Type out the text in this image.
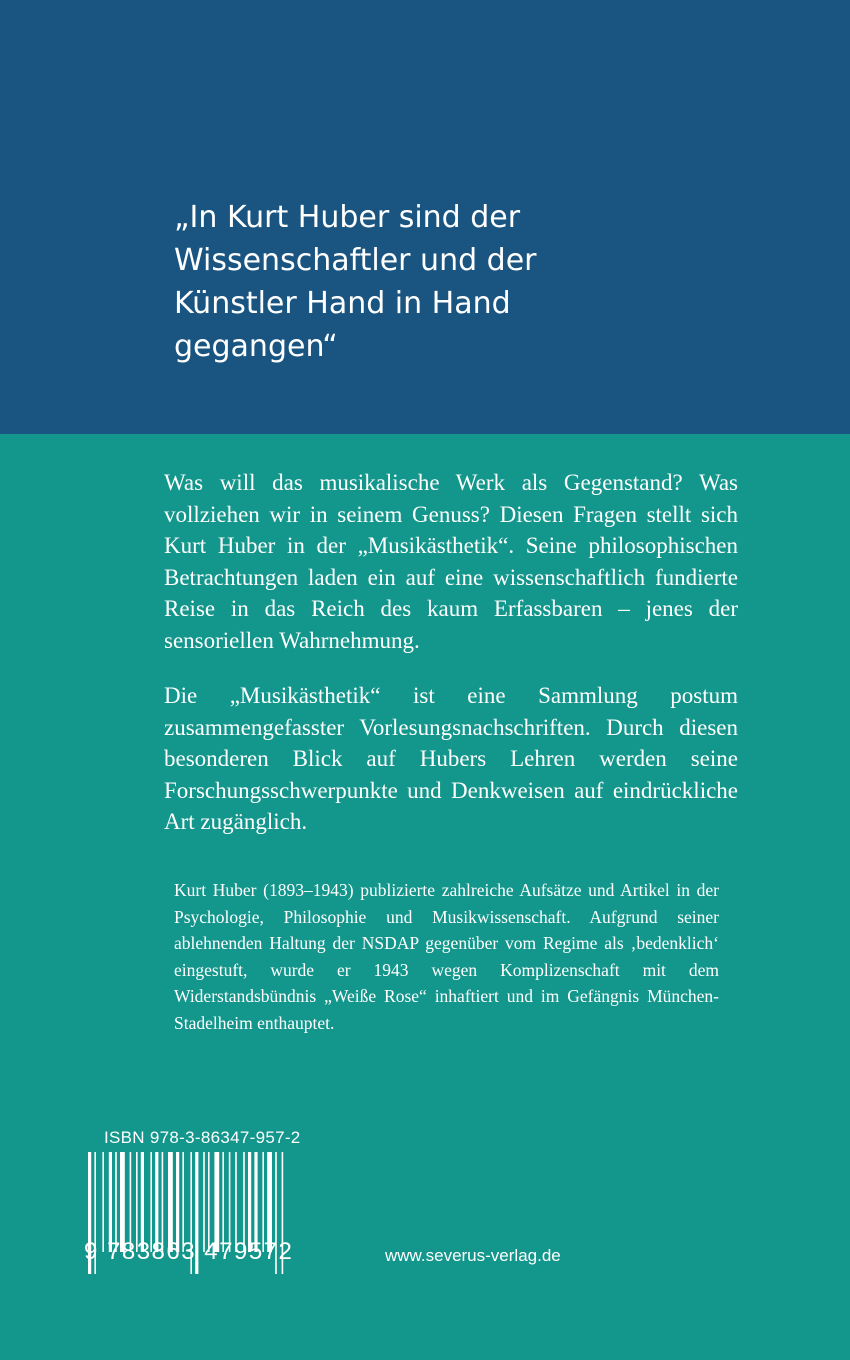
„In Kurt Huber sind der Wissenschaftler und der Künstler Hand in Hand gegangen“

Was will das musikalische Werk als Gegenstand? Was vollziehen wir in seinem Genuss? Diesen Fragen stellt sich Kurt Huber in der „Musikästhetik“. Seine philosophischen Betrachtungen laden ein auf eine wissenschaftlich fundierte Reise in das Reich des kaum Erfassbaren – jenes der sensoriellen Wahrnehmung.

Die „Musikästhetik“ ist eine Sammlung postum zusammengefasster Vorlesungsnachschriften. Durch diesen besonderen Blick auf Hubers Lehren werden seine Forschungsschwerpunkte und Denkweisen auf eindrückliche Art zugänglich.

Kurt Huber (1893–1943) publizierte zahlreiche Aufsätze und Artikel in der Psychologie, Philosophie und Musikwissenschaft. Aufgrund seiner ablehnenden Haltung der NSDAP gegenüber vom Regime als ‚bedenklich‘ eingestuft, wurde er 1943 wegen Komplizenschaft mit dem Widerstandsbündnis „Weiße Rose“ inhaftiert und im Gefängnis München-Stadelheim enthauptet.

ISBN 978-3-86347-957-2

9 783863 479572	www.severus-verlag.de
